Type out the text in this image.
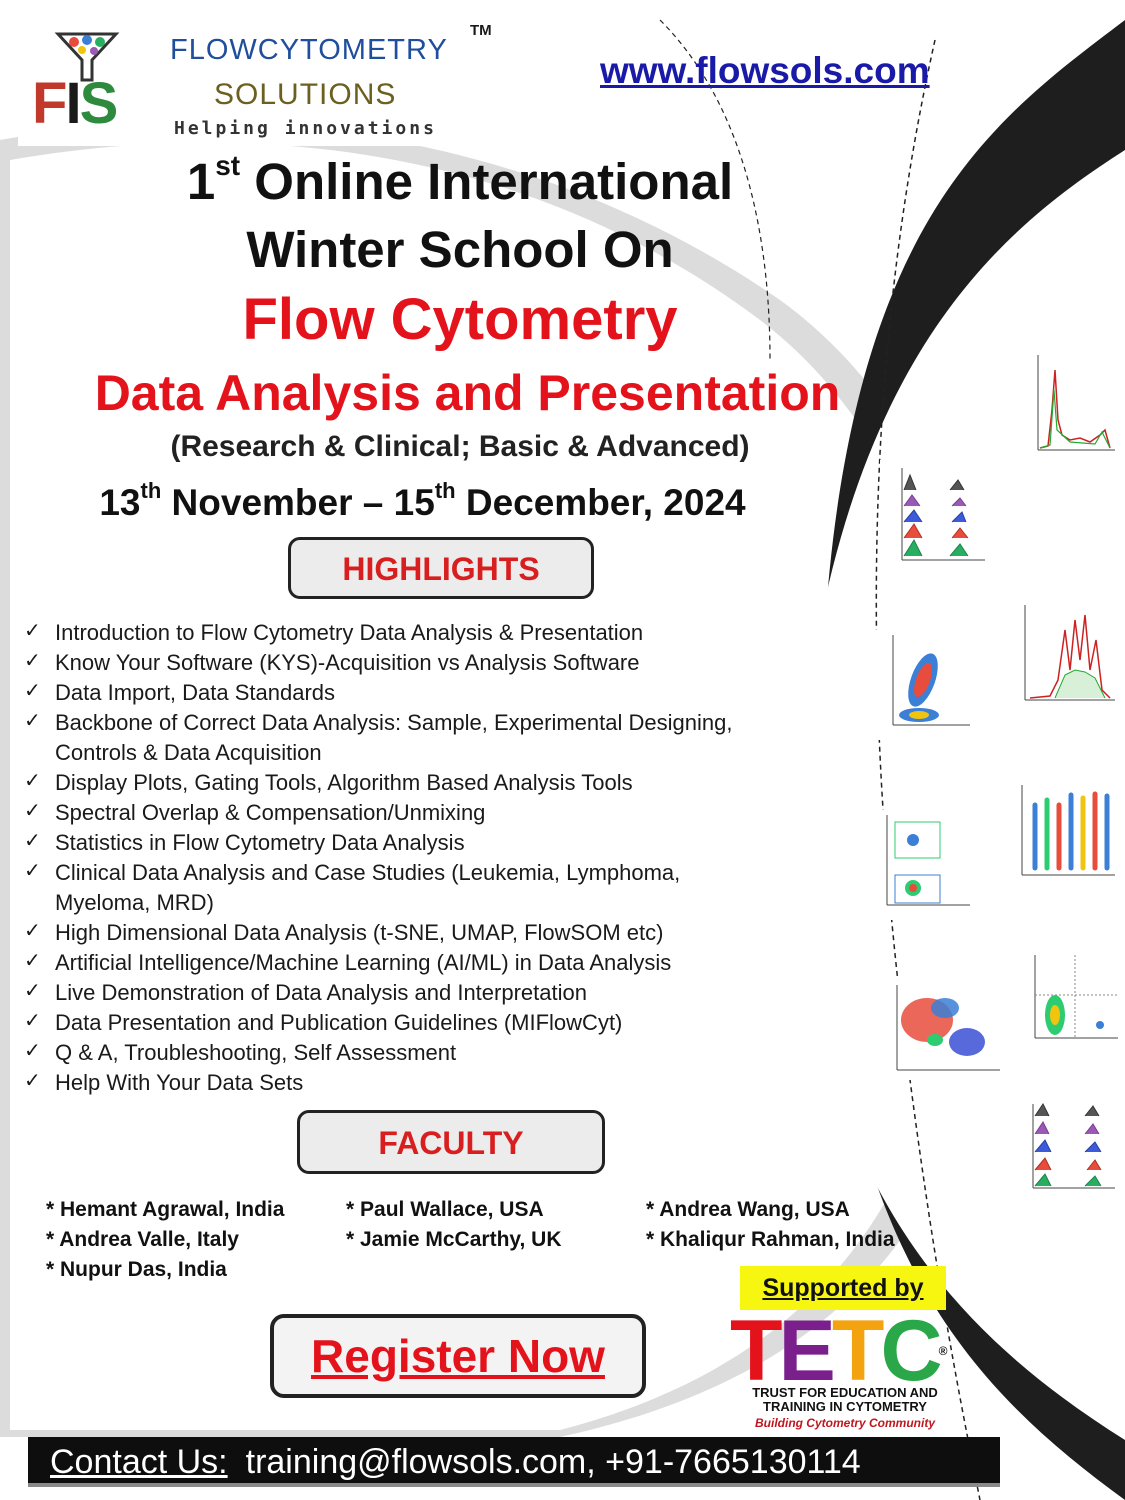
FIS
FLOWCYTOMETRY
TM
SOLUTIONS
Helping innovations
www.flowsols.com
1st Online International
Winter School On
Flow Cytometry
Data Analysis and Presentation
(Research & Clinical; Basic & Advanced)
13th November – 15th December, 2024
HIGHLIGHTS
✓ Introduction to Flow Cytometry Data Analysis & Presentation
✓ Know Your Software (KYS)-Acquisition vs Analysis Software
✓ Data Import, Data Standards
✓ Backbone of Correct Data Analysis: Sample, Experimental Designing, Controls & Data Acquisition
✓ Display Plots, Gating Tools, Algorithm Based Analysis Tools
✓ Spectral Overlap & Compensation/Unmixing
✓ Statistics in Flow Cytometry Data Analysis
✓ Clinical Data Analysis and Case Studies (Leukemia, Lymphoma, Myeloma, MRD)
✓ High Dimensional Data Analysis (t-SNE, UMAP, FlowSOM etc)
✓ Artificial Intelligence/Machine Learning (AI/ML) in Data Analysis
✓ Live Demonstration of Data Analysis and Interpretation
✓ Data Presentation and Publication Guidelines (MIFlowCyt)
✓ Q & A, Troubleshooting, Self Assessment
✓ Help With Your Data Sets
FACULTY
* Hemant Agrawal, India
* Andrea Valle, Italy
* Nupur Das, India
* Paul Wallace, USA
* Jamie McCarthy, UK
* Andrea Wang, USA
* Khaliqur Rahman, India
Register Now
Supported by
TETC®
TRUST FOR EDUCATION AND
TRAINING IN CYTOMETRY
Building Cytometry Community
Contact Us: training@flowsols.com, +91-7665130114
